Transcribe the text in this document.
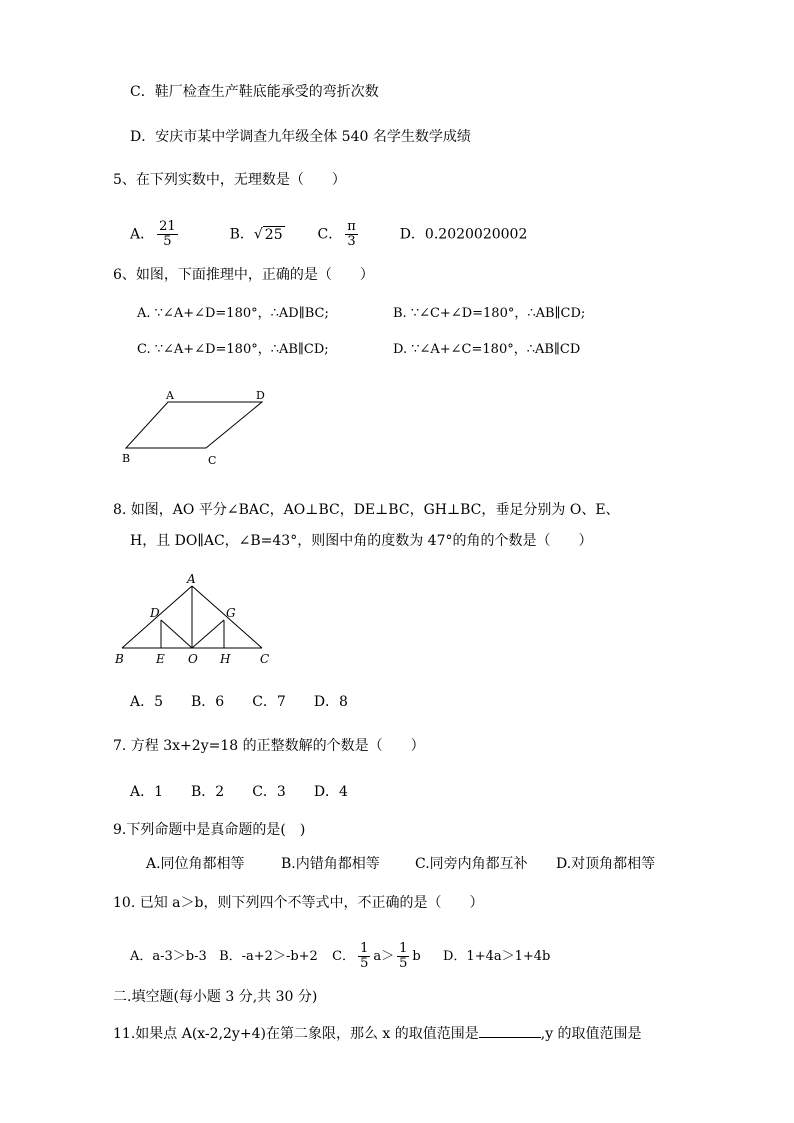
C．鞋厂检查生产鞋底能承受的弯折次数
D．安庆市某中学调查九年级全体 540 名学生数学成绩
5、在下列实数中，无理数是（　　）
A． $\frac{21}{5}$	B．√ 25 C． $\frac{\pi}{3}$	D．0.2020020002
6、如图，下面推理中，正确的是（　　）
A. ∵∠A+∠D=180°，∴AD∥BC;	B. ∵∠C+∠D=180°，∴AB∥CD;
C. ∵∠A+∠D=180°，∴AB∥CD;	D. ∵∠A+∠C=180°，∴AB∥CD
A	D
B	C
8. 如图，AO 平分∠BAC，AO⊥BC，DE⊥BC，GH⊥BC，垂足分别为 O、E、
H，且 DO∥AC，∠B=43°，则图中角的度数为 47°的角的个数是（　　）
A
D	G
B	E O H C
A．5　　B．6　　C．7　　D．8
7. 方程 3x+2y=18 的正整数解的个数是（　　）
A．1　　B．2　　C．3　　D．4
9.下列命题中是真命题的是(　)
A.同位角都相等	B.内错角都相等	C.同旁内角都互补 D.对顶角都相等
10. 已知 a＞b，则下列四个不等式中，不正确的是（　　）
A．a-3＞b-3 B．-a+2＞-b+2 C． $\frac{1}{5} a> \frac{1}{5}$ b D．1+4a＞1+4b
二.填空题(每小题 3 分,共 30 分)
11.如果点 A(x-2,2y+4)在第二象限，那么 x 的取值范围是	,y 的取值范围是
